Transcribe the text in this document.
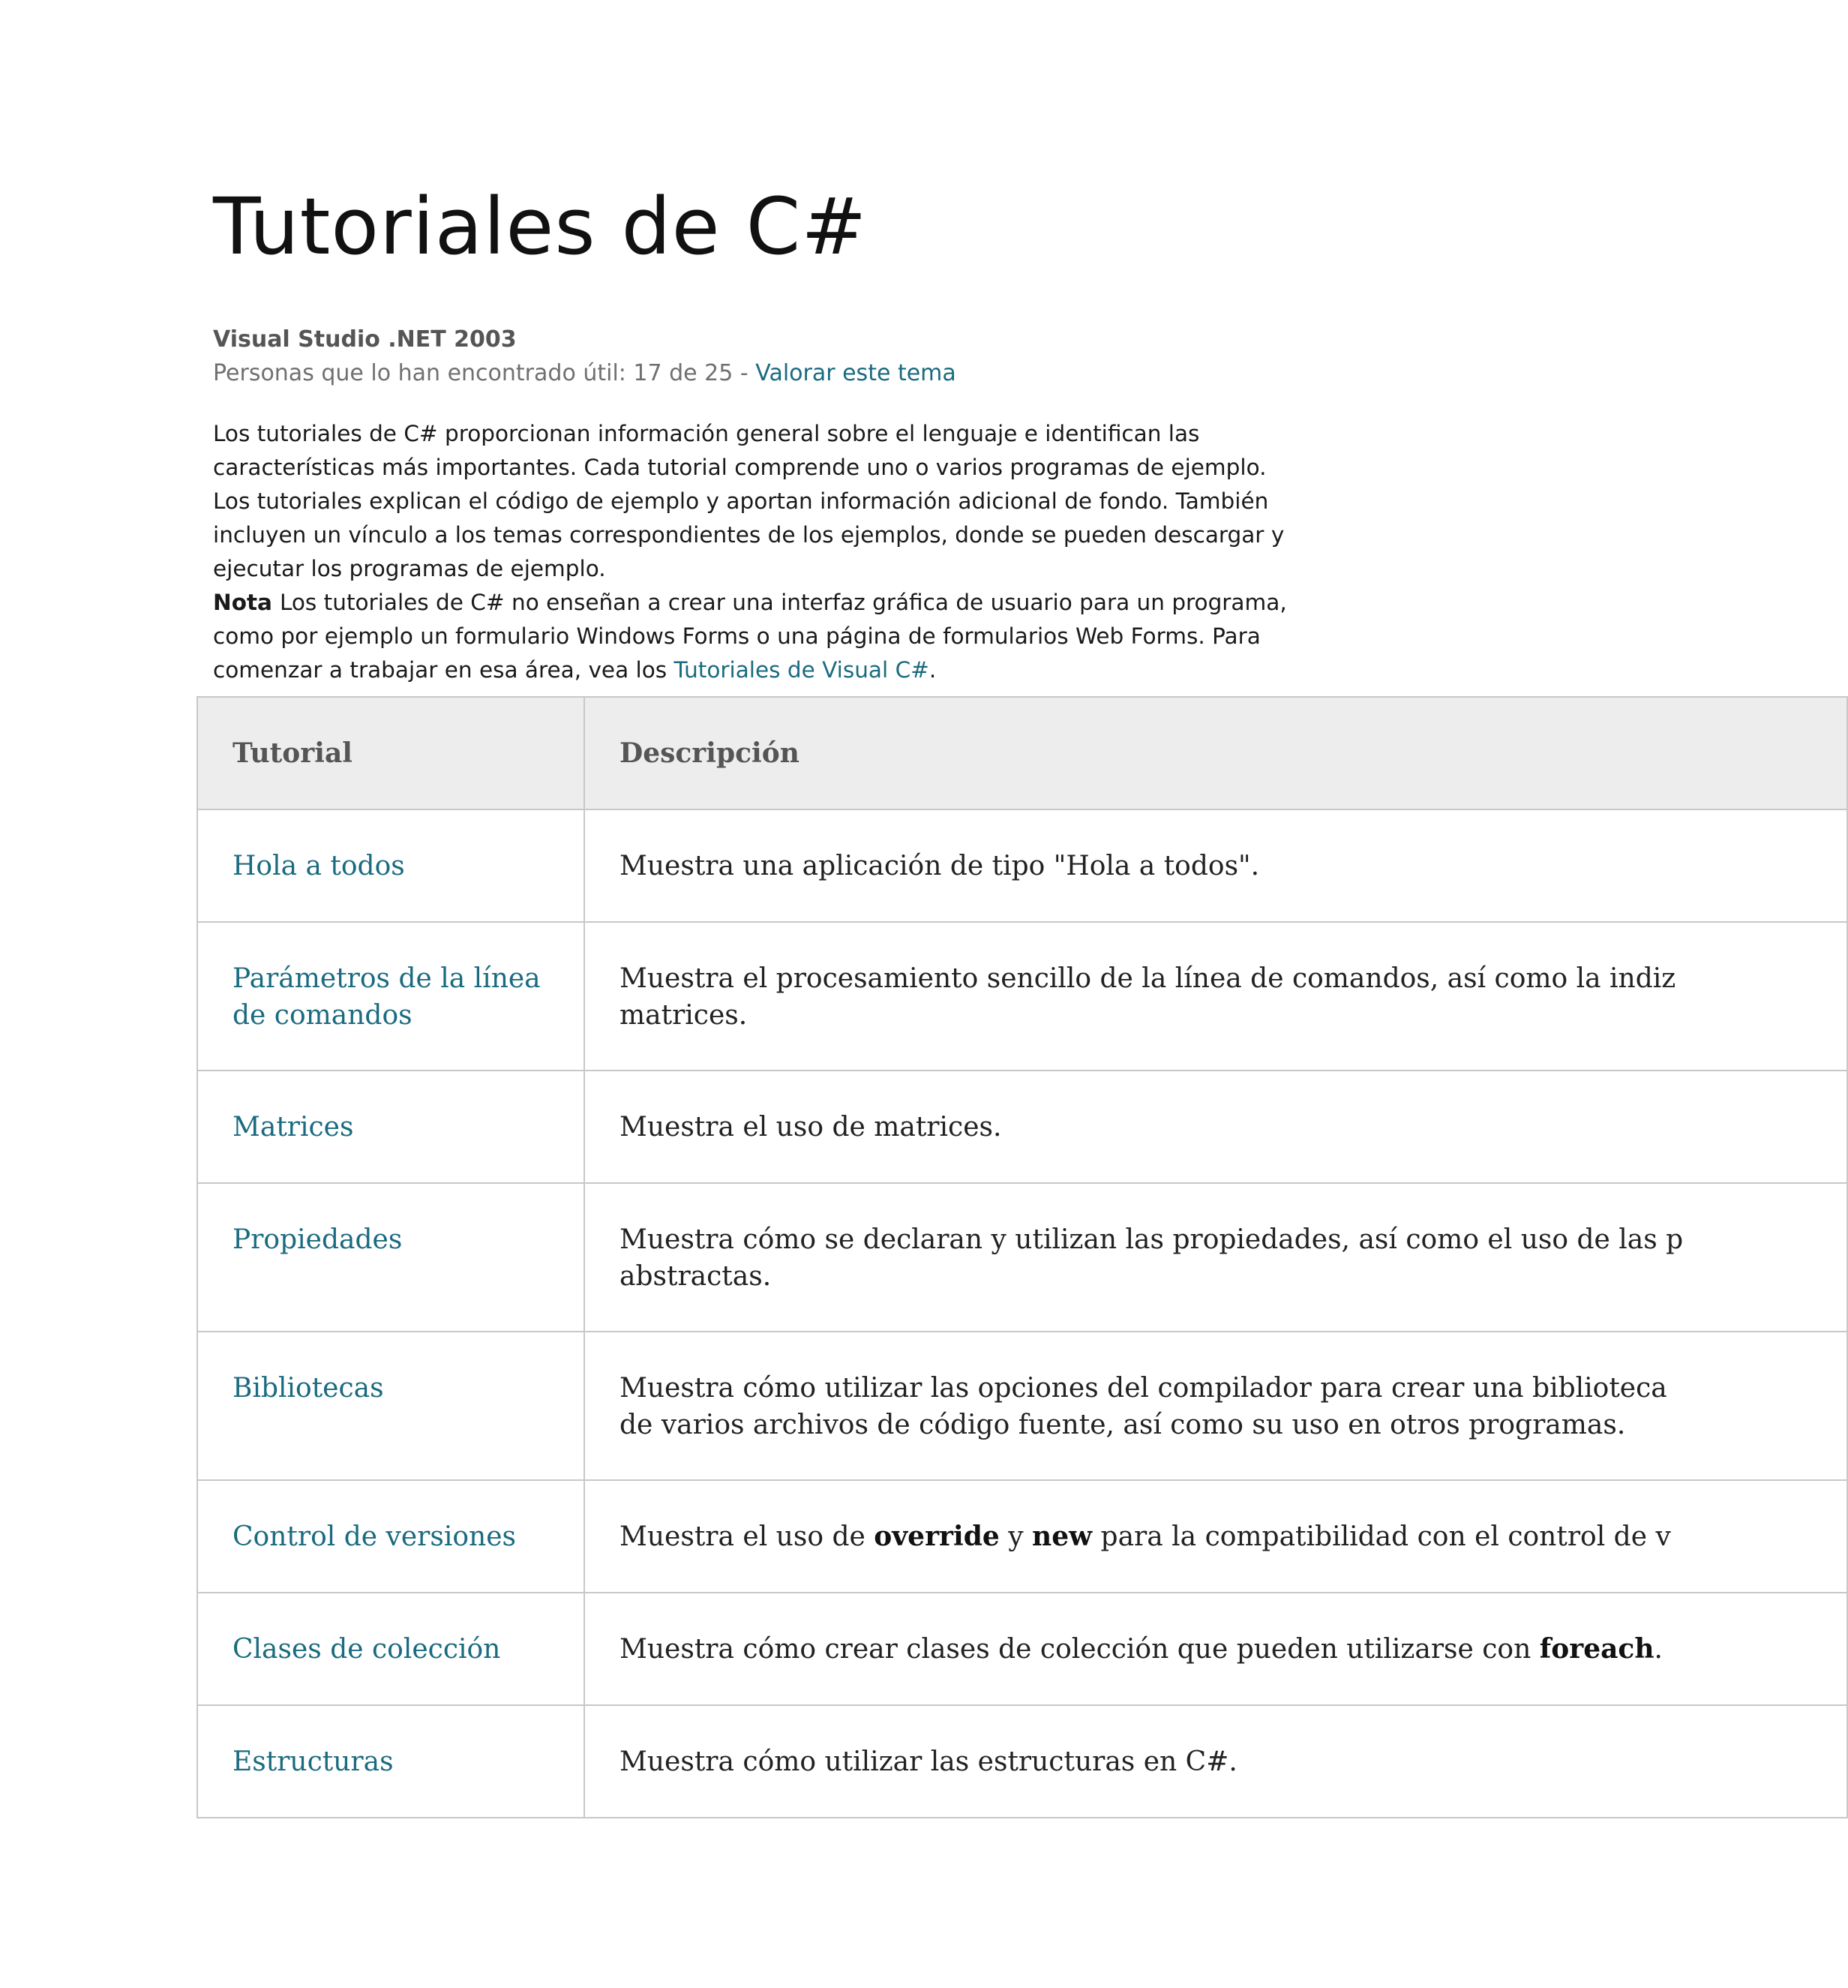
Tutoriales de C#
Visual Studio .NET 2003
Personas que lo han encontrado útil: 17 de 25 - Valorar este tema

Los tutoriales de C# proporcionan información general sobre el lenguaje e identifican las características más importantes. Cada tutorial comprende uno o varios programas de ejemplo. Los tutoriales explican el código de ejemplo y aportan información adicional de fondo. También incluyen un vínculo a los temas correspondientes de los ejemplos, donde se pueden descargar y ejecutar los programas de ejemplo.

Nota Los tutoriales de C# no enseñan a crear una interfaz gráfica de usuario para un programa, como por ejemplo un formulario Windows Forms o una página de formularios Web Forms. Para comenzar a trabajar en esa área, vea los Tutoriales de Visual C#.

Tutorial	Descripción
Hola a todos	Muestra una aplicación de tipo "Hola a todos".

Parámetros de la línea de comandos	Muestra el procesamiento sencillo de la línea de comandos, así como la indiz
matrices.

Matrices	Muestra el uso de matrices.

Propiedades	Muestra cómo se declaran y utilizan las propiedades, así como el uso de las p
abstractas.

Bibliotecas	Muestra cómo utilizar las opciones del compilador para crear una biblioteca
de varios archivos de código fuente, así como su uso en otros programas.

Control de versiones	Muestra el uso de override y new para la compatibilidad con el control de v

Clases de colección	Muestra cómo crear clases de colección que pueden utilizarse con foreach.

Estructuras	Muestra cómo utilizar las estructuras en C#.
